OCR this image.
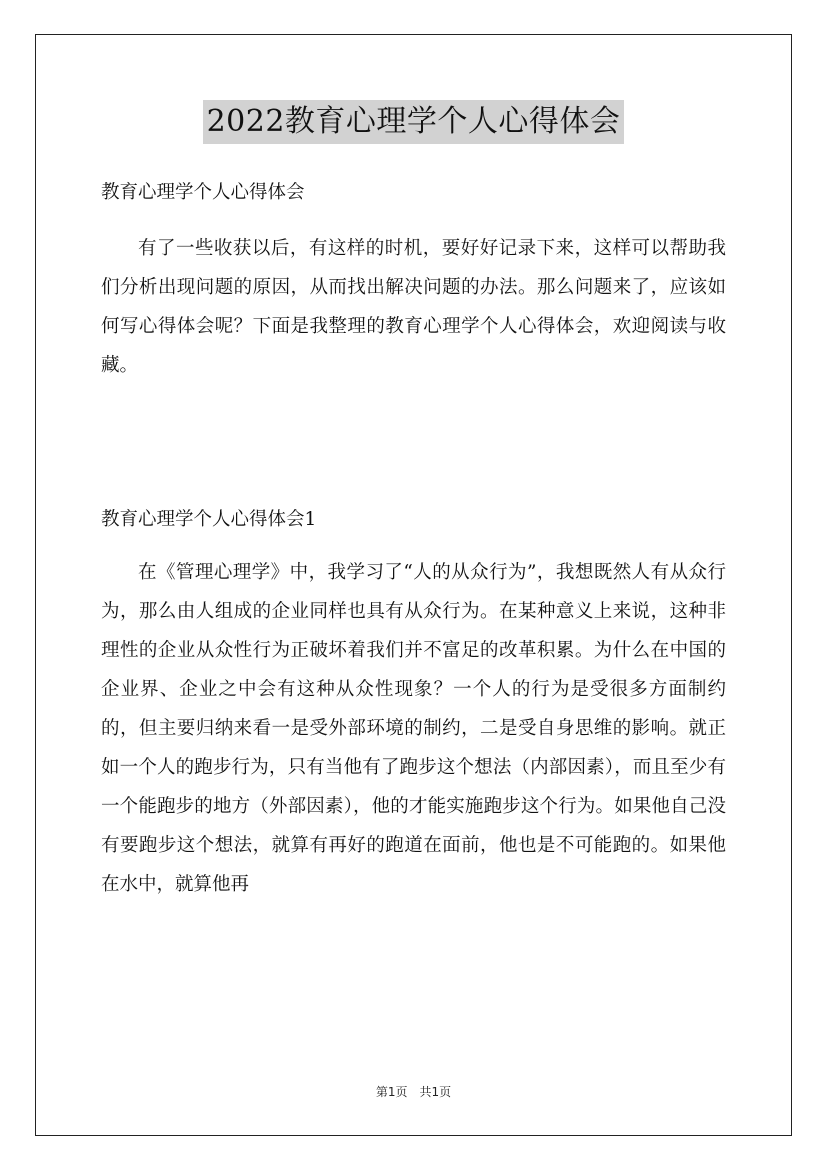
2022教育心理学个人心得体会
教育心理学个人心得体会
有了一些收获以后，有这样的时机，要好好记录下来，这样可以帮助我们分析出现问题的原因，从而找出解决问题的办法。那么问题来了，应该如何写心得体会呢？下面是我整理的教育心理学个人心得体会，欢迎阅读与收藏。
教育心理学个人心得体会1
在《管理心理学》中，我学习了“人的从众行为”，我想既然人有从众行为，那么由人组成的企业同样也具有从众行为。在某种意义上来说，这种非理性的企业从众性行为正破坏着我们并不富足的改革积累。为什么在中国的企业界、企业之中会有这种从众性现象？一个人的行为是受很多方面制约的，但主要归纳来看一是受外部环境的制约，二是受自身思维的影响。就正如一个人的跑步行为，只有当他有了跑步这个想法（内部因素），而且至少有一个能跑步的地方（外部因素），他的才能实施跑步这个行为。如果他自己没有要跑步这个想法，就算有再好的跑道在面前，他也是不可能跑的。如果他在水中，就算他再
第1页　共1页
